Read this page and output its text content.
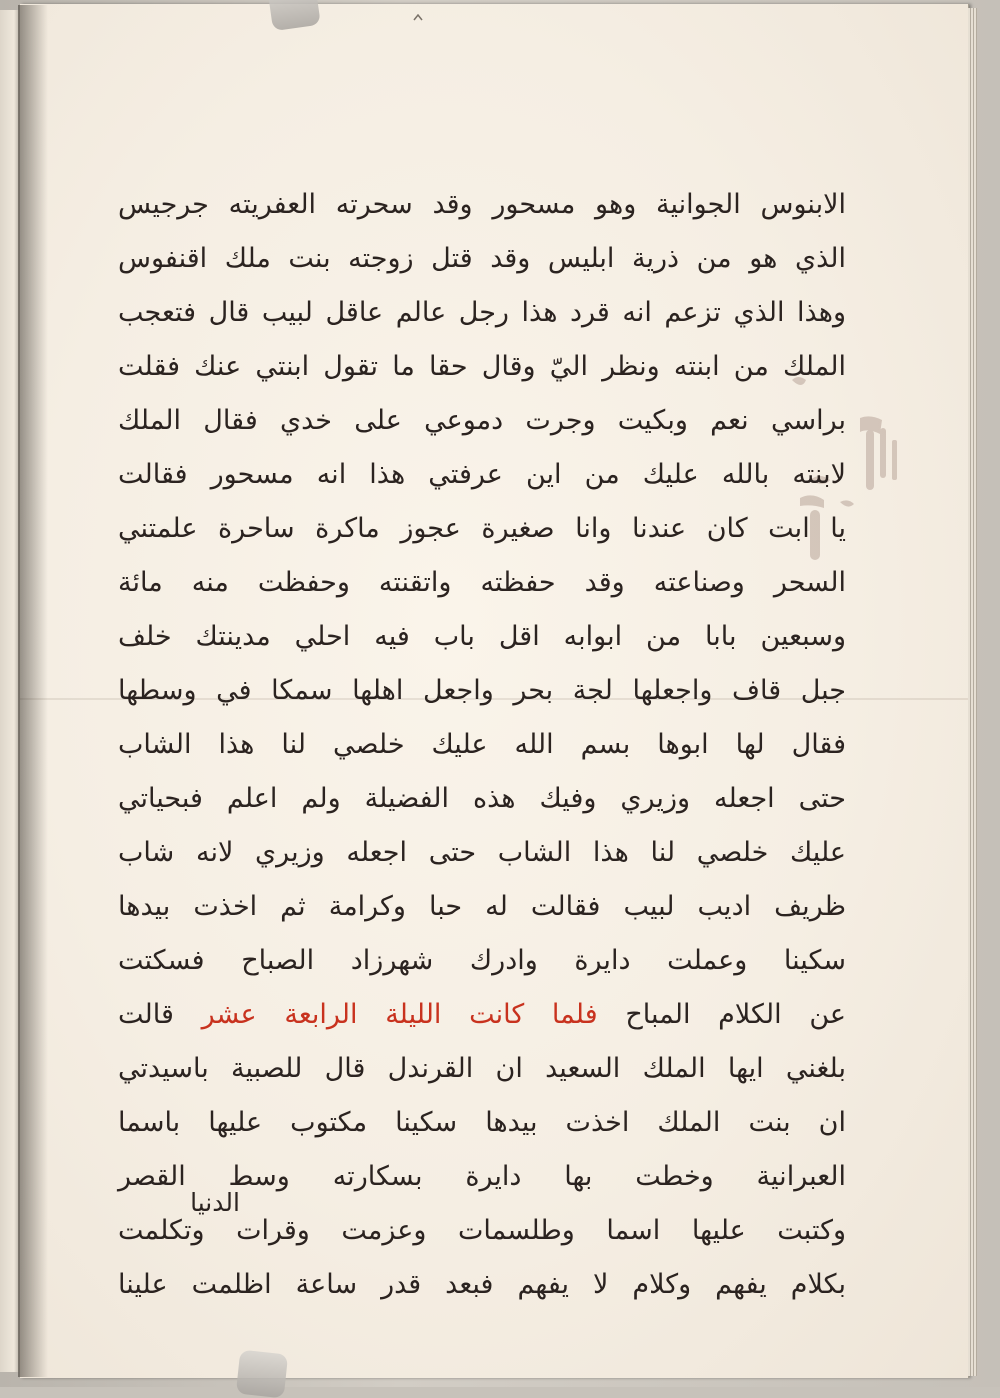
الابنوس الجوانية وهو مسحور وقد سحرته العفريته جرجيس
الذي هو من ذرية ابليس وقد قتل زوجته بنت ملك اقنفوس
وهذا الذي تزعم انه قرد هذا رجل عالم عاقل لبيب قال فتعجب
الملك من ابنته ونظر اليّ وقال حقا ما تقول ابنتي عنك فقلت
براسي نعم وبكيت وجرت دموعي على خدي فقال الملك
لابنته بالله عليك من اين عرفتي هذا انه مسحور فقالت
يا ابت كان عندنا وانا صغيرة عجوز ماكرة ساحرة علمتني
السحر وصناعته وقد حفظته واتقنته وحفظت منه مائة
وسبعين بابا من ابوابه اقل باب فيه احلي مدينتك خلف
جبل قاف واجعلها لجة بحر واجعل اهلها سمكا في وسطها
فقال لها ابوها بسم الله عليك خلصي لنا هذا الشاب
حتى اجعله وزيري وفيك هذه الفضيلة ولم اعلم فبحياتي
عليك خلصي لنا هذا الشاب حتى اجعله وزيري لانه شاب
ظريف اديب لبيب فقالت له حبا وكرامة ثم اخذت بيدها
سكينا وعملت دايرة وادرك شهرزاد الصباح فسكتت
عن الكلام المباح فلما كانت الليلة الرابعة عشر قالت
بلغني ايها الملك السعيد ان القرندل قال للصبية باسيدتي
ان بنت الملك اخذت بيدها سكينا مكتوب عليها باسما
العبرانية وخطت بها دايرة بسكارته وسط القصر
وكتبت عليها اسما وطلسمات وعزمت وقرات وتكلمت
بكلام يفهم وكلام لا يفهم فبعد قدر ساعة اظلمت علينا
الدنيا
